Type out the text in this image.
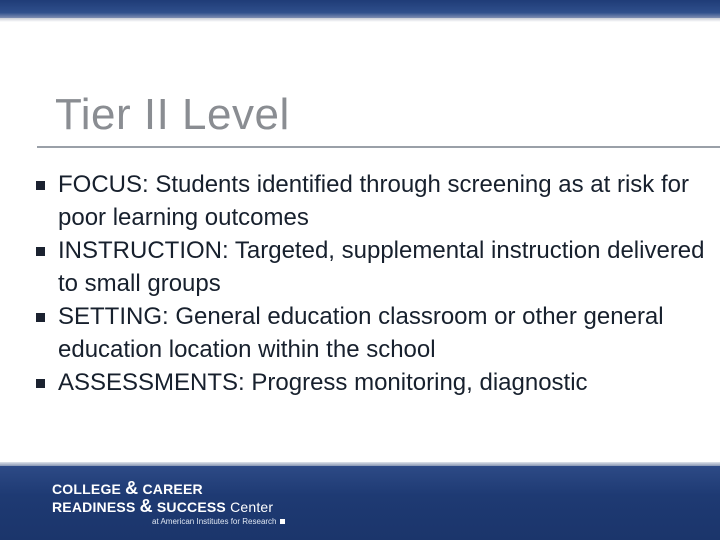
Tier II Level
FOCUS: Students identified through screening as at risk for poor learning outcomes
INSTRUCTION: Targeted, supplemental instruction delivered to small groups
SETTING: General education classroom or other general education location within the school
ASSESSMENTS: Progress monitoring, diagnostic
COLLEGE & CAREER
READINESS & SUCCESS Center
at American Institutes for Research
